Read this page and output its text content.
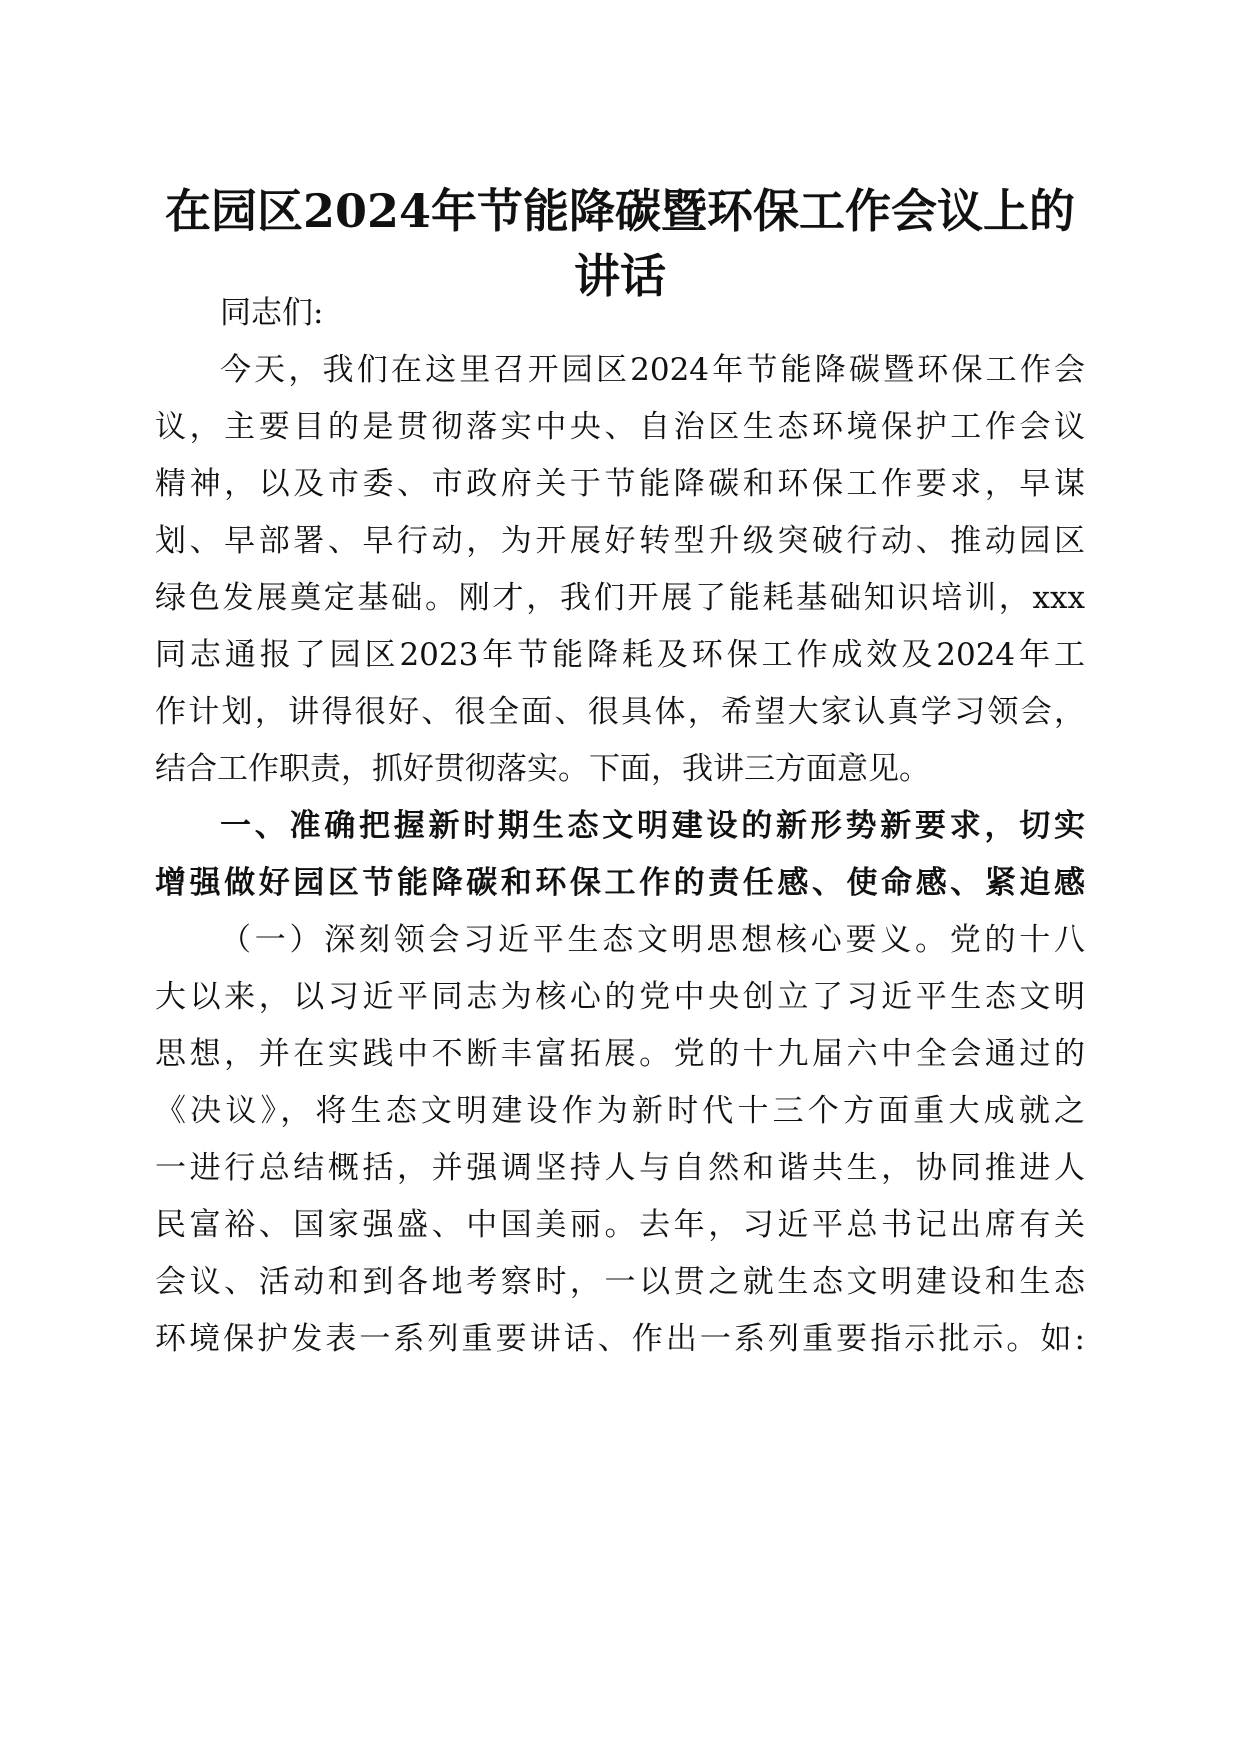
在园区2024年节能降碳暨环保工作会议上的
讲话

同志们:

今天，我们在这里召开园区2024年节能降碳暨环保工作会

议，主要目的是贯彻落实中央、自治区生态环境保护工作会议

精神，以及市委、市政府关于节能降碳和环保工作要求，早谋

划、早部署、早行动，为开展好转型升级突破行动、推动园区

绿色发展奠定基础。刚才，我们开展了能耗基础知识培训，xxx

同志通报了园区2023年节能降耗及环保工作成效及2024年工

作计划，讲得很好、很全面、很具体，希望大家认真学习领会，

结合工作职责，抓好贯彻落实。下面，我讲三方面意见。

一、准确把握新时期生态文明建设的新形势新要求，切实

增强做好园区节能降碳和环保工作的责任感、使命感、紧迫感

（一）深刻领会习近平生态文明思想核心要义。党的十八

大以来，以习近平同志为核心的党中央创立了习近平生态文明

思想，并在实践中不断丰富拓展。党的十九届六中全会通过的

《决议》，将生态文明建设作为新时代十三个方面重大成就之

一进行总结概括，并强调坚持人与自然和谐共生，协同推进人

民富裕、国家强盛、中国美丽。去年，习近平总书记出席有关

会议、活动和到各地考察时，一以贯之就生态文明建设和生态

环境保护发表一系列重要讲话、作出一系列重要指示批示。如:
